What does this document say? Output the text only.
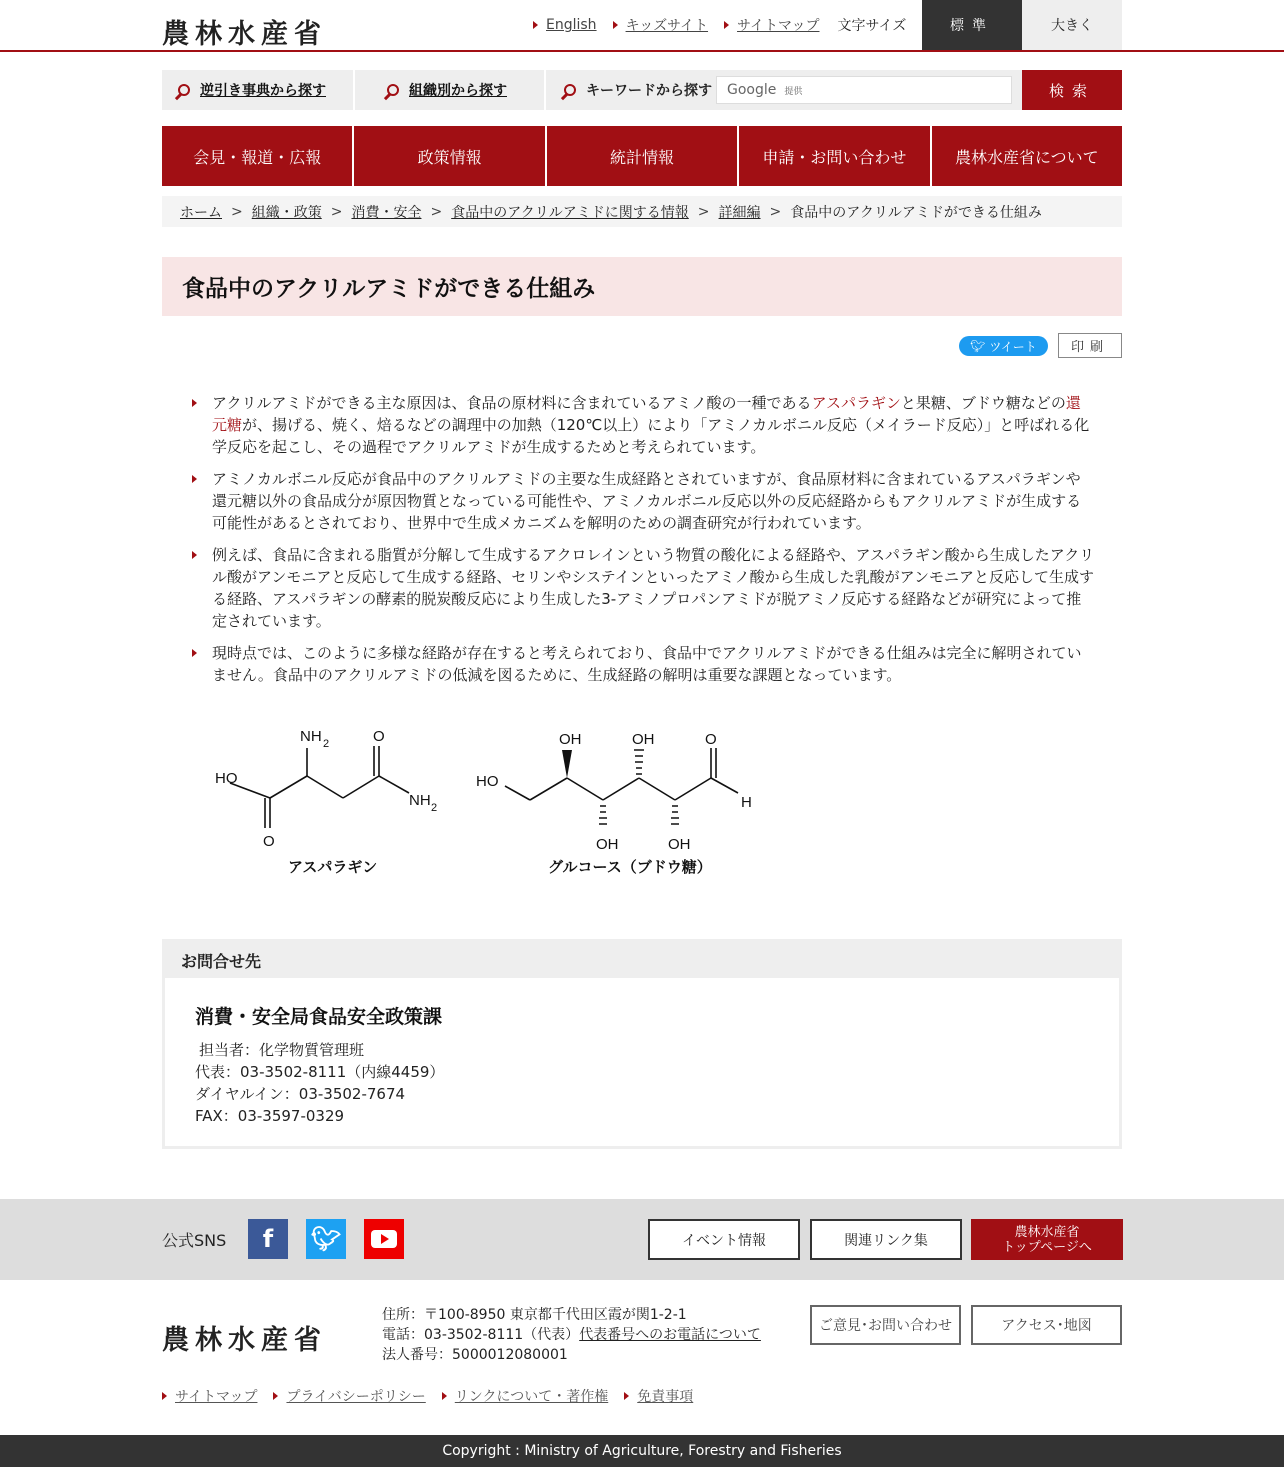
農林水産省	English キッズサイト サイトマップ 文字サイズ	標準	大きく
逆引き事典から探す	組織別から探す	キーワードから探す Google 提供	検索
会見・報道・広報	政策情報	統計情報	申請・お問い合わせ	農林水産省について
ホーム > 組織・政策 > 消費・安全 > 食品中のアクリルアミドに関する情報 > 詳細編 > 食品中のアクリルアミドができる仕組み
食品中のアクリルアミドができる仕組み
🐦︎ ツイート	印刷
アクリルアミドができる主な原因は、食品の原材料に含まれているアミノ酸の一種であるアスパラギンと果糖、ブドウ糖などの還元糖が、揚げる、焼く、焙るなどの調理中の加熱（120℃以上）により「アミノカルボニル反応（メイラード反応）」と呼ばれる化学反応を起こし、その過程でアクリルアミドが生成するためと考えられています。
アミノカルボニル反応が食品中のアクリルアミドの主要な生成経路とされていますが、食品原材料に含まれているアスパラギンや還元糖以外の食品成分が原因物質となっている可能性や、アミノカルボニル反応以外の反応経路からもアクリルアミドが生成する可能性があるとされており、世界中で生成メカニズムを解明のための調査研究が行われています。
例えば、食品に含まれる脂質が分解して生成するアクロレインという物質の酸化による経路や、アスパラギン酸から生成したアクリル酸がアンモニアと反応して生成する経路、セリンやシステインといったアミノ酸から生成した乳酸がアンモニアと反応して生成する経路、アスパラギンの酵素的脱炭酸反応により生成した3-アミノプロパンアミドが脱アミノ反応する経路などが研究によって推定されています。
現時点では、このように多様な経路が存在すると考えられており、食品中でアクリルアミドができる仕組みは完全に解明されていません。食品中のアクリルアミドの低減を図るために、生成経路の解明は重要な課題となっています。
NH 2	O
HO
NH 2
O
HO
OH	OH	O
H
OH	OH
アスパラギン	グルコース（ブドウ糖）
お問合せ先
消費・安全局食品安全政策課
担当者：化学物質管理班
代表：03-3502-8111（内線4459）
ダイヤルイン：03-3502-7674
FAX：03-3597-0329
公式SNS	f	🐦︎	イベント情報	関連リンク集
農林水産省
トップページへ
農林水産省
住所：〒100-8950 東京都千代田区霞が関1-2-1
電話：03-3502-8111（代表）代表番号へのお電話について
法人番号：5000012080001
ご意見･お問い合わせ	アクセス･地図
サイトマップ プライバシーポリシー リンクについて・著作権 免責事項
Copyright : Ministry of Agriculture, Forestry and Fisheries
